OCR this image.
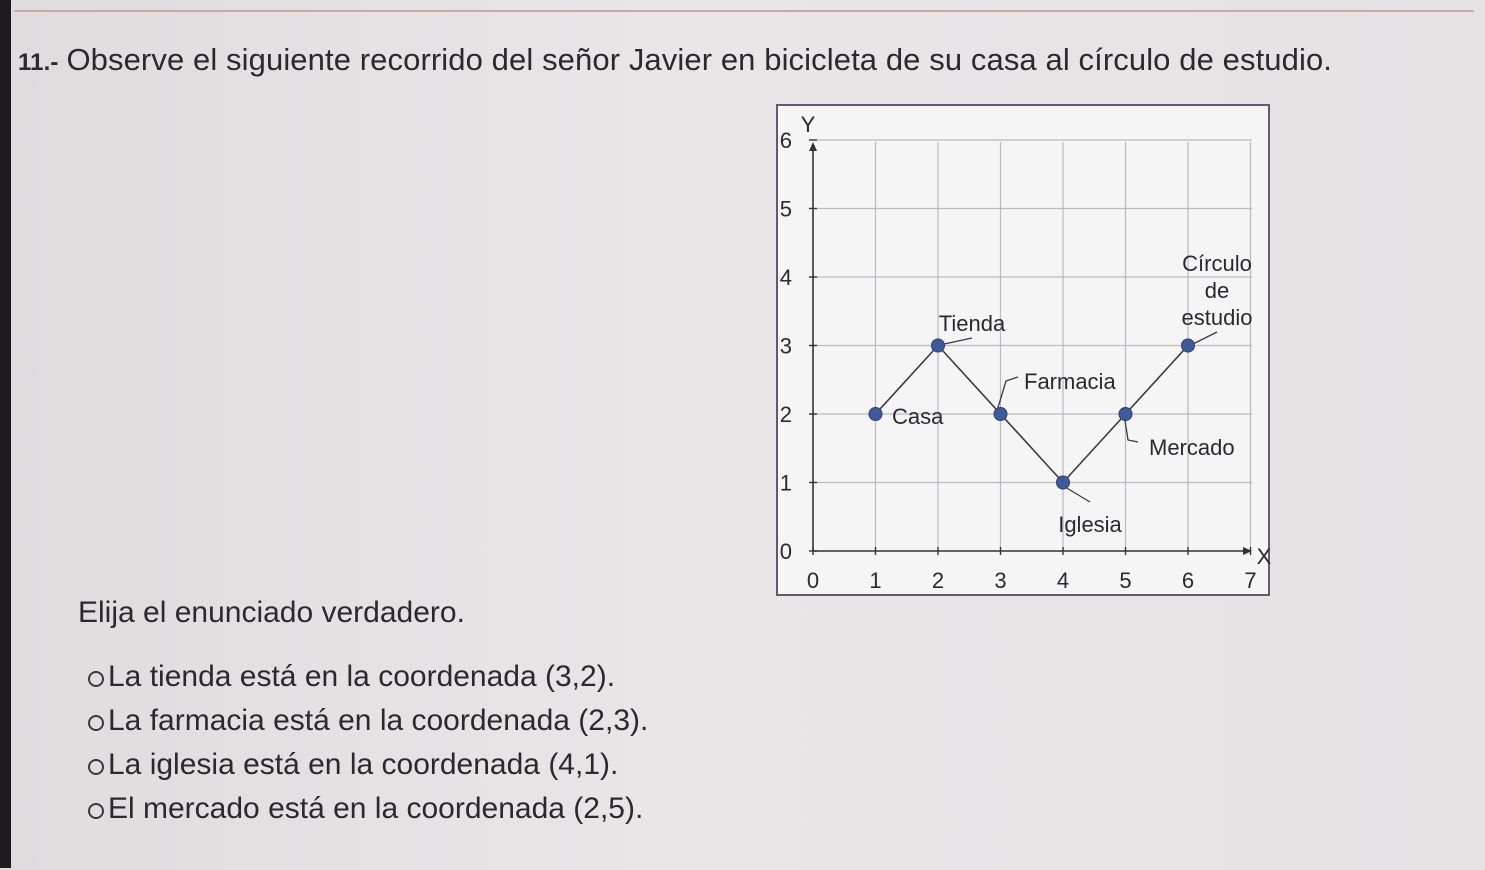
11.- Observe el siguiente recorrido del señor Javier en bicicleta de su casa al círculo de estudio.
X
Y
0 1 2 3 4 5 6 7
0
1
2
3
4
5
6
Casa
Tienda
Farmacia
Iglesia
Mercado
Círculo de estudio
Elija el enunciado verdadero.
La tienda está en la coordenada (3,2).
La farmacia está en la coordenada (2,3).
La iglesia está en la coordenada (4,1).
El mercado está en la coordenada (2,5).
